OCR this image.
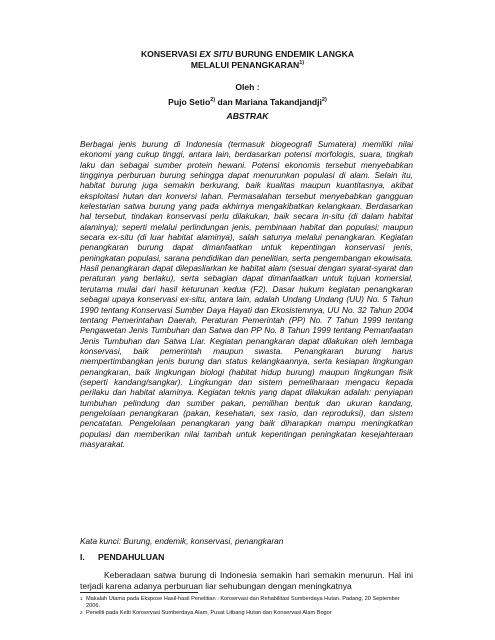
KONSERVASI EX SITU BURUNG ENDEMIK LANGKA
MELALUI PENANGKARAN$^{1)}$
Oleh :
Pujo Setio$^{2)}$ dan Mariana Takandjandji$^{2)}$
ABSTRAK

Berbagai jenis burung di Indonesia (termasuk biogeografi Sumatera) memiliki nilai ekonomi yang cukup tinggi, antara lain, berdasarkan potensi morfologis, suara, tingkah laku dan sebagai sumber protein hewani. Potensi ekonomis tersebut menyebabkan tingginya perburuan burung sehingga dapat menurunkan populasi di alam. Selain itu, habitat burung juga semakin berkurang, baik kualitas maupun kuantitasnya, akibat eksploitasi hutan dan konversi lahan. Permasalahan tersebut menyebabkan gangguan kelestarian satwa burung yang pada akhirnya mengakibatkan kelangkaan. Berdasarkan hal tersebut, tindakan konservasi perlu dilakukan, baik secara in-situ (di dalam habitat alaminya); seperti melalui perlindungan jenis, pembinaan habitat dan populasi; maupun secara ex-situ (di luar habitat alaminya), salah satunya melalui penangkaran. Kegiatan penangkaran burung dapat dimanfaatkan untuk kepentingan konservasi jenis, peningkatan populasi, sarana pendidikan dan penelitian, serta pengembangan ekowisata. Hasil penangkaran dapat dilepasliarkan ke habitat alam (sesuai dengan syarat-syarat dan peraturan yang berlaku), serta sebagian dapat dimanfaatkan untuk tujuan komersial, terutama mulai dari hasil keturunan kedua (F2). Dasar hukum kegiatan penangkaran sebagai upaya konservasi ex-situ, antara lain, adalah Undang Undang (UU) No. 5 Tahun 1990 tentang Konservasi Sumber Daya Hayati dan Ekosistemnya, UU No. 32 Tahun 2004 tentang Pemerintahan Daerah, Peraturan Pemerintah (PP) No. 7 Tahun 1999 tentang Pengawetan Jenis Tumbuhan dan Satwa dan PP No. 8 Tahun 1999 tentang Pemanfaatan Jenis Tumbuhan dan Satwa Liar. Kegiatan penangkaran dapat dilakukan oleh lembaga konservasi, baik pemerintah maupun swasta. Penangkaran burung harus mempertimbangkan jenis burung dan status kelangkaannya, serta kesiapan lingkungan penangkaran, baik lingkungan biologi (habitat hidup burung) maupun lingkungan fisik (seperti kandang/sangkar). Lingkungan dan sistem pemeliharaan mengacu kepada perilaku dan habitat alaminya. Kegiatan teknis yang dapat dilakukan adalah: penyiapan tumbuhan pelindung dan sumber pakan, pemilihan bentuk dan ukuran kandang, pengelolaan penangkaran (pakan, kesehatan, sex rasio, dan reproduksi), dan sistem pencatatan. Pengelolaan penangkaran yang baik diharapkan mampu meningkatkan populasi dan memberikan nilai tambah untuk kepentingan peningkatan kesejahteraan masyarakat.

Kata kunci: Burung, endemik, konservasi, penangkaran

I. PENDAHULUAN

Keberadaan satwa burung di Indonesia semakin hari semakin menurun. Hal ini terjadi karena adanya perburuan liar sehubungan dengan meningkatnya

1 Makalah Utama pada Ekspose Hasil-hasil Penelitian : Konservasi dan Rehabilitasi Sumberdaya Hutan. Padang, 20 September 2006.
2 Peneliti pada Kelti Konservasi Sumberdaya Alam, Pusat Litbang Hutan dan Konservasi Alam Bogor
